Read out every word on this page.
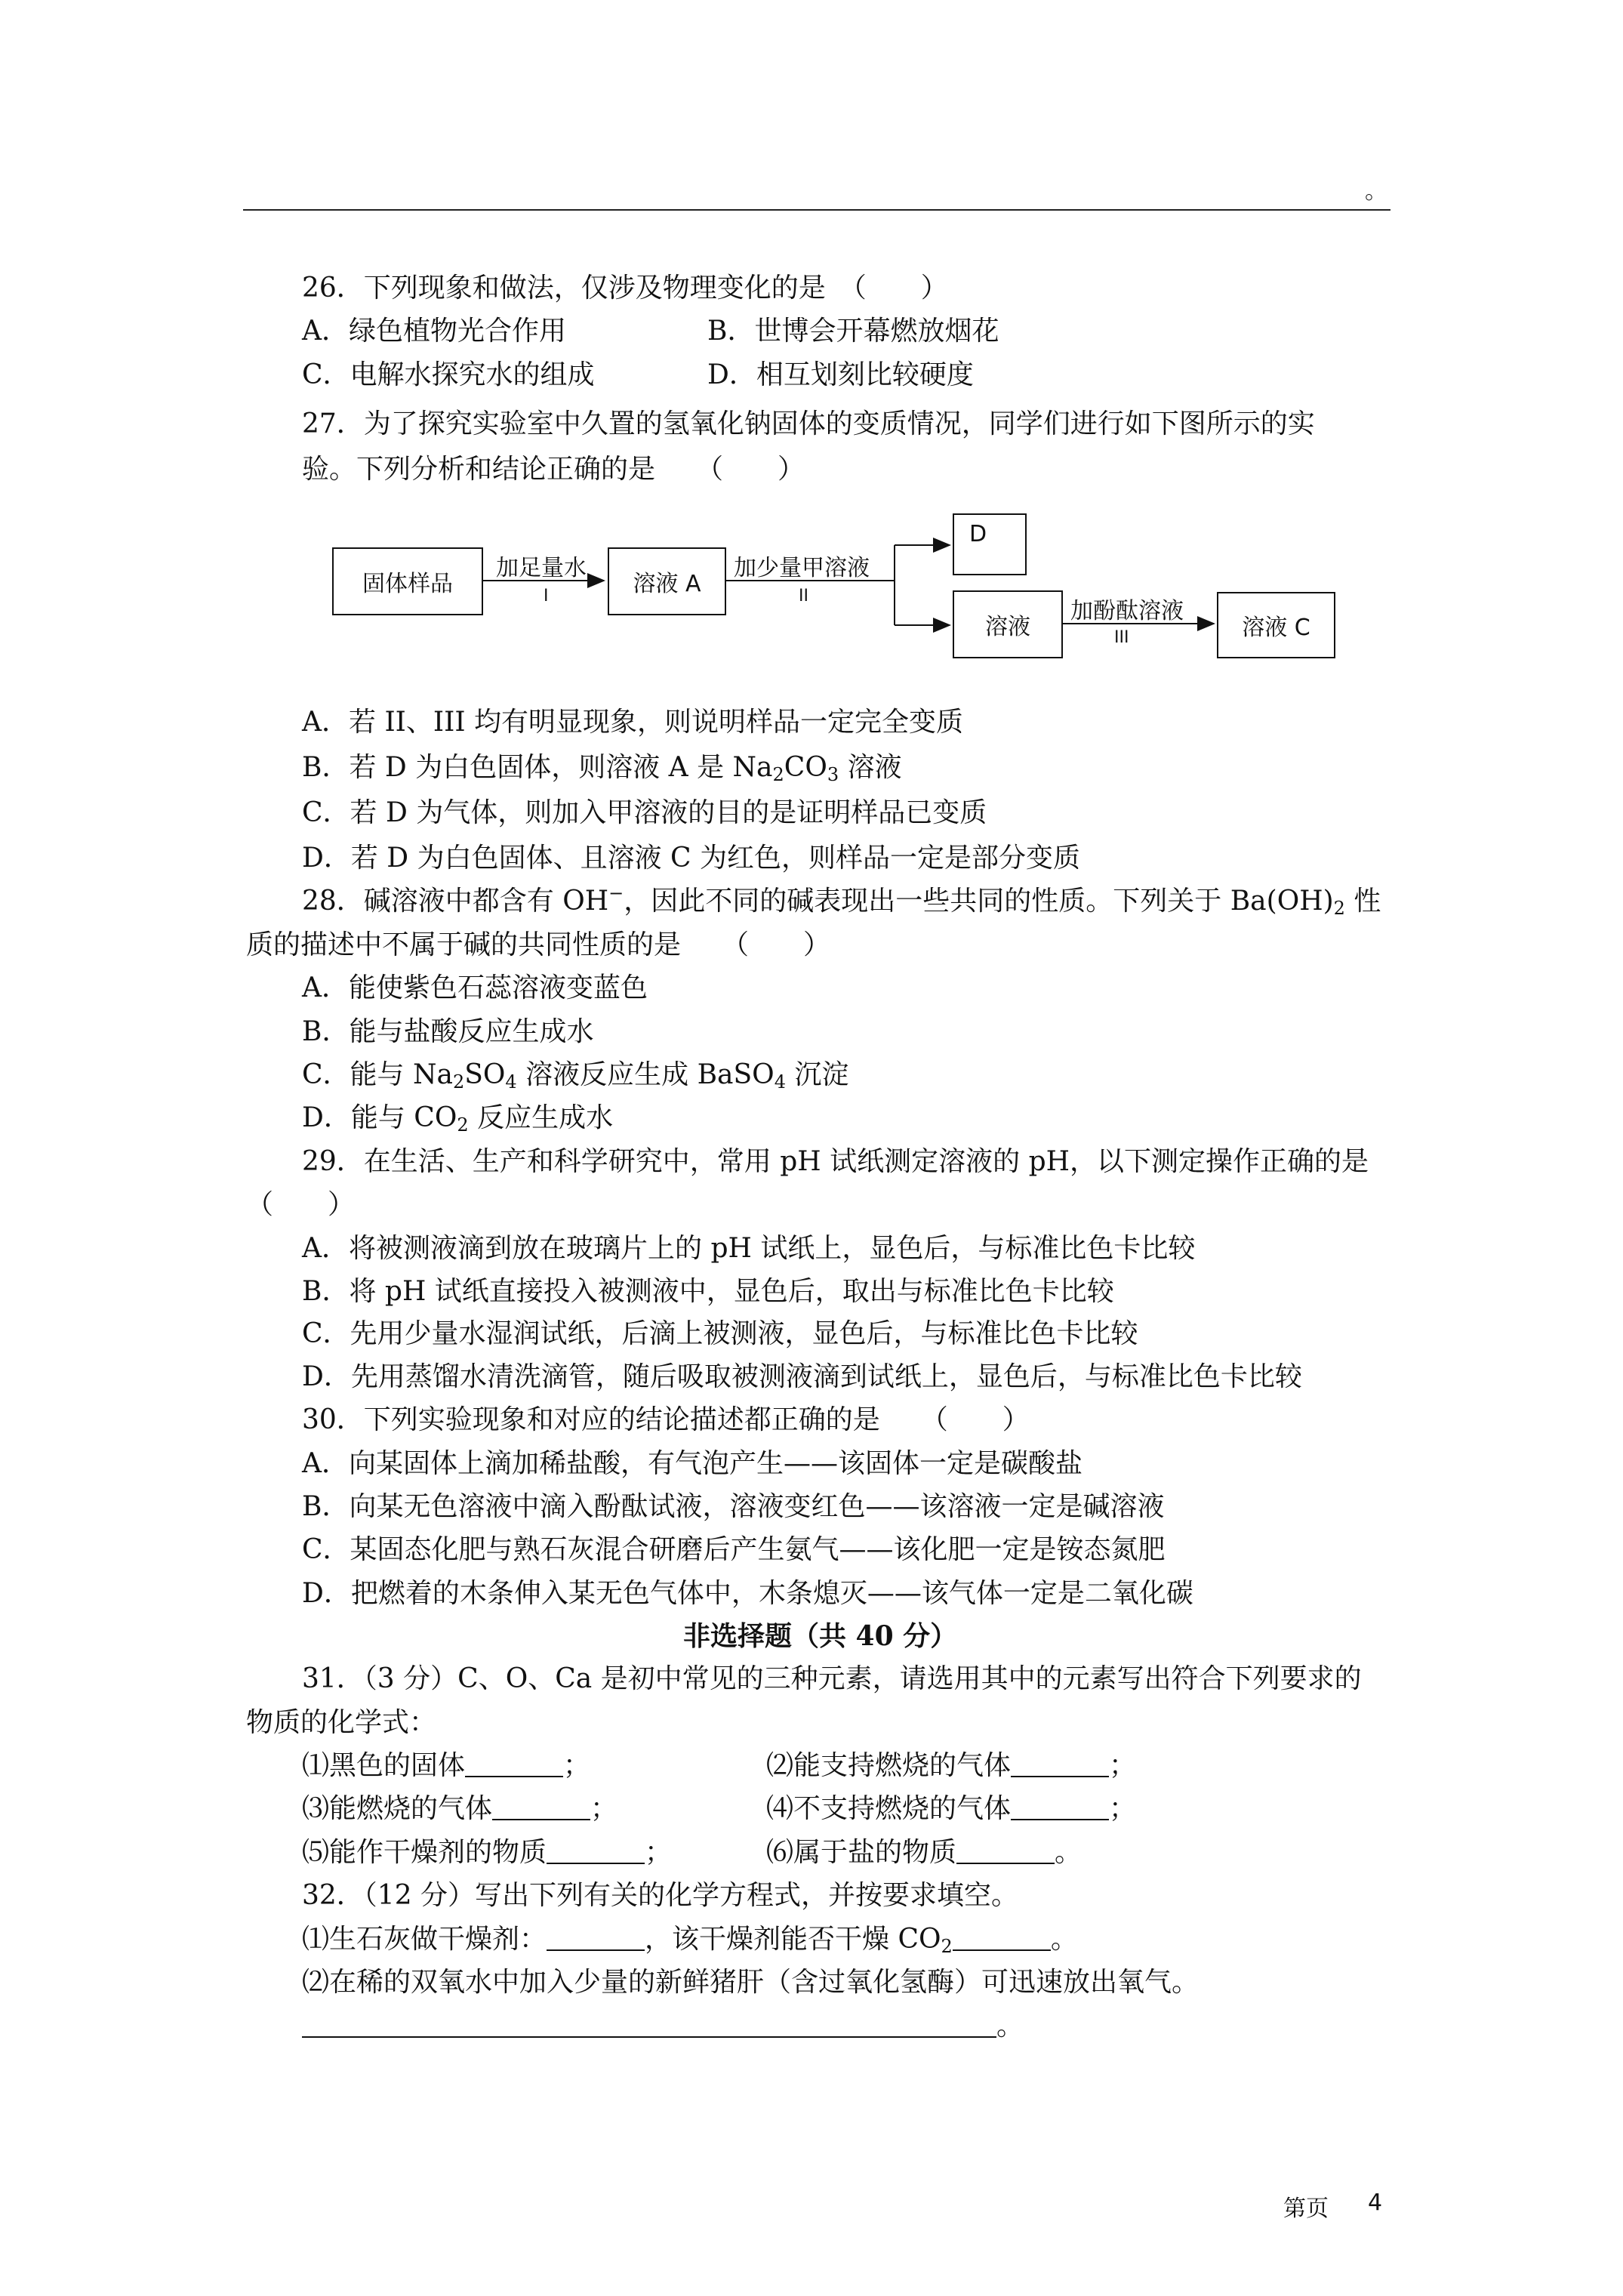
。
26．下列现象和做法，仅涉及物理变化的是　（　　）
A．绿色植物光合作用	B．世博会开幕燃放烟花
C．电解水探究水的组成	D．相互划刻比较硬度
27．为了探究实验室中久置的氢氧化钠固体的变质情况，同学们进行如下图所示的实
验。下列分析和结论正确的是　　（　　）
固体样品
加足量水
I	溶液 A
加少量甲溶液
II
D
溶液
加酚酞溶液
III	溶液 C
A．若 II、III 均有明显现象，则说明样品一定完全变质
B．若 D 为白色固体，则溶液 A 是 $Na_2CO_3$ 溶液
C．若 D 为气体，则加入甲溶液的目的是证明样品已变质
D．若 D 为白色固体、且溶液 C 为红色，则样品一定是部分变质
28．碱溶液中都含有 OH−，因此不同的碱表现出一些共同的性质。下列关于 $Ba(OH)_2$ 性
质的描述中不属于碱的共同性质的是　　（　　）
A．能使紫色石蕊溶液变蓝色
B．能与盐酸反应生成水
C．能与 $Na_2SO_4$ 溶液反应生成 BaSO$_4$ 沉淀
D．能与 $CO_2$ 反应生成水
29．在生活、生产和科学研究中，常用 pH 试纸测定溶液的 pH，以下测定操作正确的是
（　　）
A．将被测液滴到放在玻璃片上的 pH 试纸上，显色后，与标准比色卡比较
B．将 pH 试纸直接投入被测液中，显色后，取出与标准比色卡比较
C．先用少量水湿润试纸，后滴上被测液，显色后，与标准比色卡比较
D．先用蒸馏水清洗滴管，随后吸取被测液滴到试纸上，显色后，与标准比色卡比较
30．下列实验现象和对应的结论描述都正确的是　　（　　）
A．向某固体上滴加稀盐酸，有气泡产生——该固体一定是碳酸盐
B．向某无色溶液中滴入酚酞试液，溶液变红色——该溶液一定是碱溶液
C．某固态化肥与熟石灰混合研磨后产生氨气——该化肥一定是铵态氮肥
D．把燃着的木条伸入某无色气体中，木条熄灭——该气体一定是二氧化碳
非选择题（共 40 分）
31．（3 分）C、O、Ca 是初中常见的三种元素，请选用其中的元素写出符合下列要求的
物质的化学式：
⑴黑色的固体	；	⑵能支持燃烧的气体	；
⑶能燃烧的气体	；	⑷不支持燃烧的气体	；
⑸能作干燥剂的物质	；	⑹属于盐的物质	。
32．（12 分）写出下列有关的化学方程式，并按要求填空。
⑴生石灰做干燥剂：	，该干燥剂能否干燥 $CO_2$	。
⑵在稀的双氧水中加入少量的新鲜猪肝（含过氧化氢酶）可迅速放出氧气。
。
第页 4
